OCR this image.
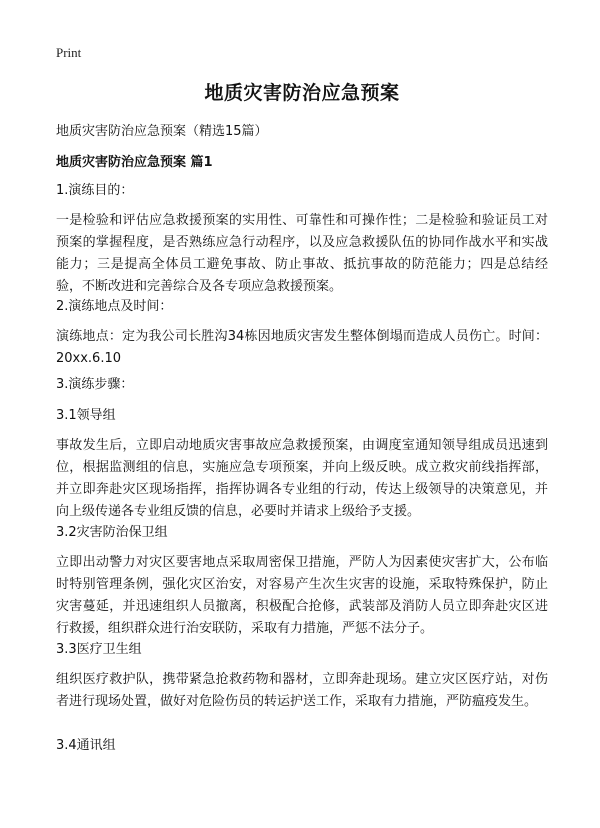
Print
地质灾害防治应急预案
地质灾害防治应急预案（精选15篇）
地质灾害防治应急预案 篇1
1.演练目的：
一是检验和评估应急救援预案的实用性、可靠性和可操作性；二是检验和验证员工对预案的掌握程度，是否熟练应急行动程序，以及应急救援队伍的协同作战水平和实战能力；三是提高全体员工避免事故、防止事故、抵抗事故的防范能力；四是总结经验，不断改进和完善综合及各专项应急救援预案。
2.演练地点及时间：
演练地点：定为我公司长胜沟34栋因地质灾害发生整体倒塌而造成人员伤亡。时间：20xx.6.10
3.演练步骤：
3.1领导组
事故发生后，立即启动地质灾害事故应急救援预案，由调度室通知领导组成员迅速到位，根据监测组的信息，实施应急专项预案，并向上级反映。成立救灾前线指挥部，并立即奔赴灾区现场指挥，指挥协调各专业组的行动，传达上级领导的决策意见，并向上级传递各专业组反馈的信息，必要时并请求上级给予支援。
3.2灾害防治保卫组
立即出动警力对灾区要害地点采取周密保卫措施，严防人为因素使灾害扩大，公布临时特别管理条例，强化灾区治安，对容易产生次生灾害的设施，采取特殊保护，防止灾害蔓延，并迅速组织人员撤离，积极配合抢修，武装部及消防人员立即奔赴灾区进行救援，组织群众进行治安联防，采取有力措施，严惩不法分子。
3.3医疗卫生组
组织医疗救护队，携带紧急抢救药物和器材，立即奔赴现场。建立灾区医疗站，对伤者进行现场处置，做好对危险伤员的转运护送工作，采取有力措施，严防瘟疫发生。
3.4通讯组
